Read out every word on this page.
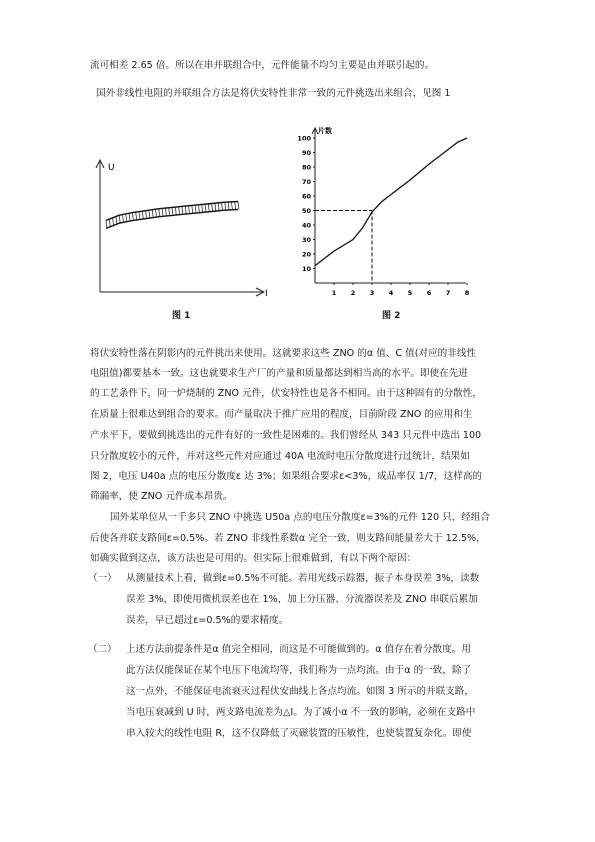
流可相差 2.65 倍。所以在串并联组合中，元件能量不均匀主要是由并联引起的。
国外非线性电阻的并联组合方法是将伏安特性非常一致的元件挑选出来组合，见图 1
U
I
图 1
片数
100
90
80
70
60
50
40
30
20
10
1 2 3 4 5 6 7 8
图 2
将伏安特性落在阴影内的元件挑出来使用。这就要求这些 ZNO 的α 值、C 值(对应的非线性
电阻值)都要基本一致。这也就要求生产厂的产量和质量都达到相当高的水平。即使在先进
的工艺条件下，同一炉烧制的 ZNO 元件，伏安特性也是各不相同。由于这种固有的分散性，
在质量上很难达到组合的要求。而产量取决于推广应用的程度，目前阶段 ZNO 的应用和生
产水平下，要做到挑选出的元件有好的一致性是困难的。我们曾经从 343 只元件中选出 100
只分散度较小的元件，并对这些元件对应通过 40A 电流时电压分散度进行过统计，结果如
图 2，电压 U40a 点的电压分散度ε 达 3%；如果组合要求ε<3%，成品率仅 1/7，这样高的
筛漏率，使 ZNO 元件成本昂贵。
国外某单位从一千多只 ZNO 中挑选 U50a 点的电压分散度ε=3%的元件 120 只，经组合
后使各并联支路间ε=0.5%。若 ZNO 非线性系数α 完全一致，则支路间能量差大于 12.5%，
如确实做到这点，该方法也是可用的。但实际上很难做到，有以下两个原因：
（一） 从测量技术上看，做到ε=0.5%不可能。若用光线示踪器，振子本身误差 3%，读数
误差 3%，即使用微机误差也在 1%，加上分压器、分流器误差及 ZNO 串联后累加
误差，早已超过ε=0.5%的要求精度。
（二） 上述方法前提条件是α 值完全相同，而这是不可能做到的。α 值存在着分散度。用
此方法仅能保证在某个电压下电流均等，我们称为一点均流。由于α 的一致，除了
这一点外，不能保证电流衰灭过程伏安曲线上各点均流。如图 3 所示的并联支路，
当电压衰减到 U 时，两支路电流差为△I。为了减小α 不一致的影响，必须在支路中
串入较大的线性电阻 R，这不仅降低了灭磁装置的压敏性，也使装置复杂化。即使
